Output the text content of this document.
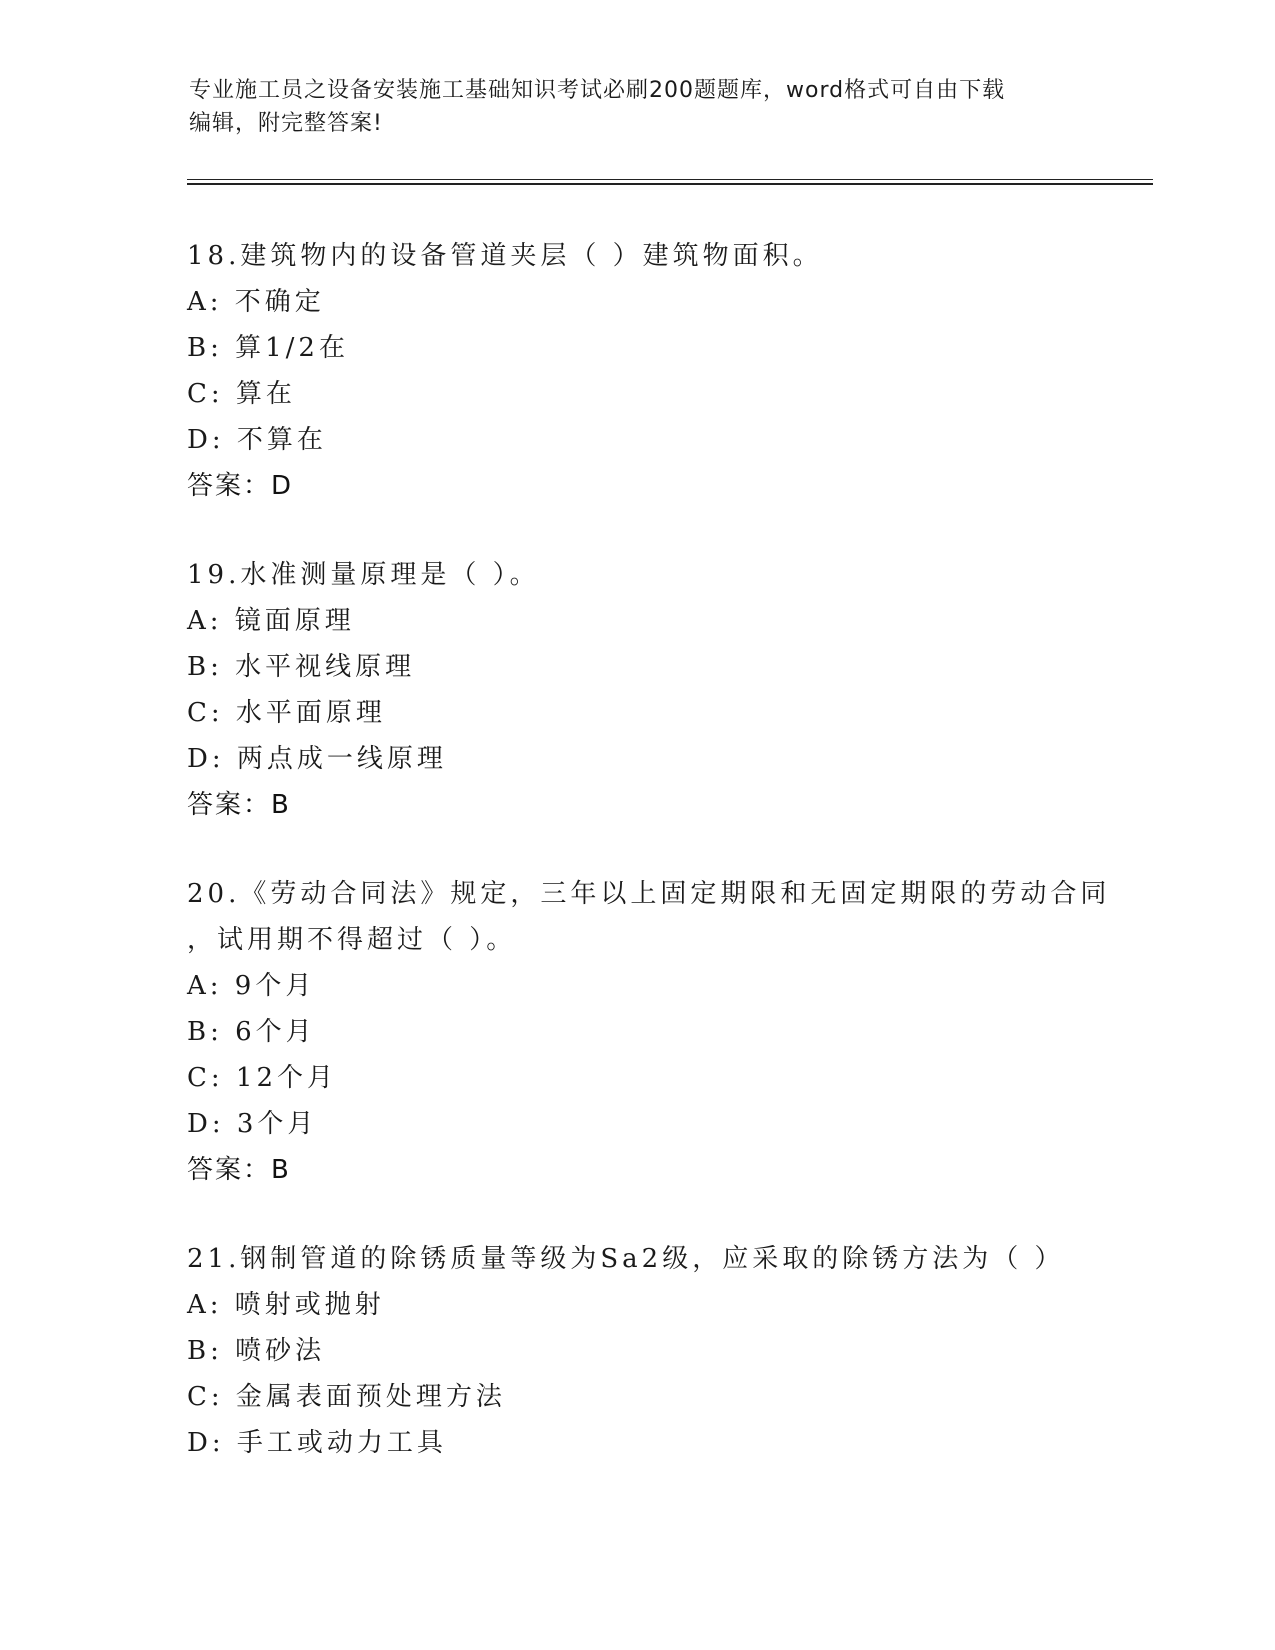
专业施工员之设备安装施工基础知识考试必刷200题题库，word格式可自由下载
编辑，附完整答案!
18.建筑物内的设备管道夹层（ ）建筑物面积。
A: 不确定
B: 算1/2在
C: 算在
D: 不算在
答案：D
19.水准测量原理是（ ）。
A: 镜面原理
B: 水平视线原理
C: 水平面原理
D: 两点成一线原理
答案：B
20.《劳动合同法》规定，三年以上固定期限和无固定期限的劳动合同
，试用期不得超过（ ）。
A: 9个月
B: 6个月
C: 12个月
D: 3个月
答案：B
21.钢制管道的除锈质量等级为Sa2级，应采取的除锈方法为（ ）
A: 喷射或抛射
B: 喷砂法
C: 金属表面预处理方法
D: 手工或动力工具
